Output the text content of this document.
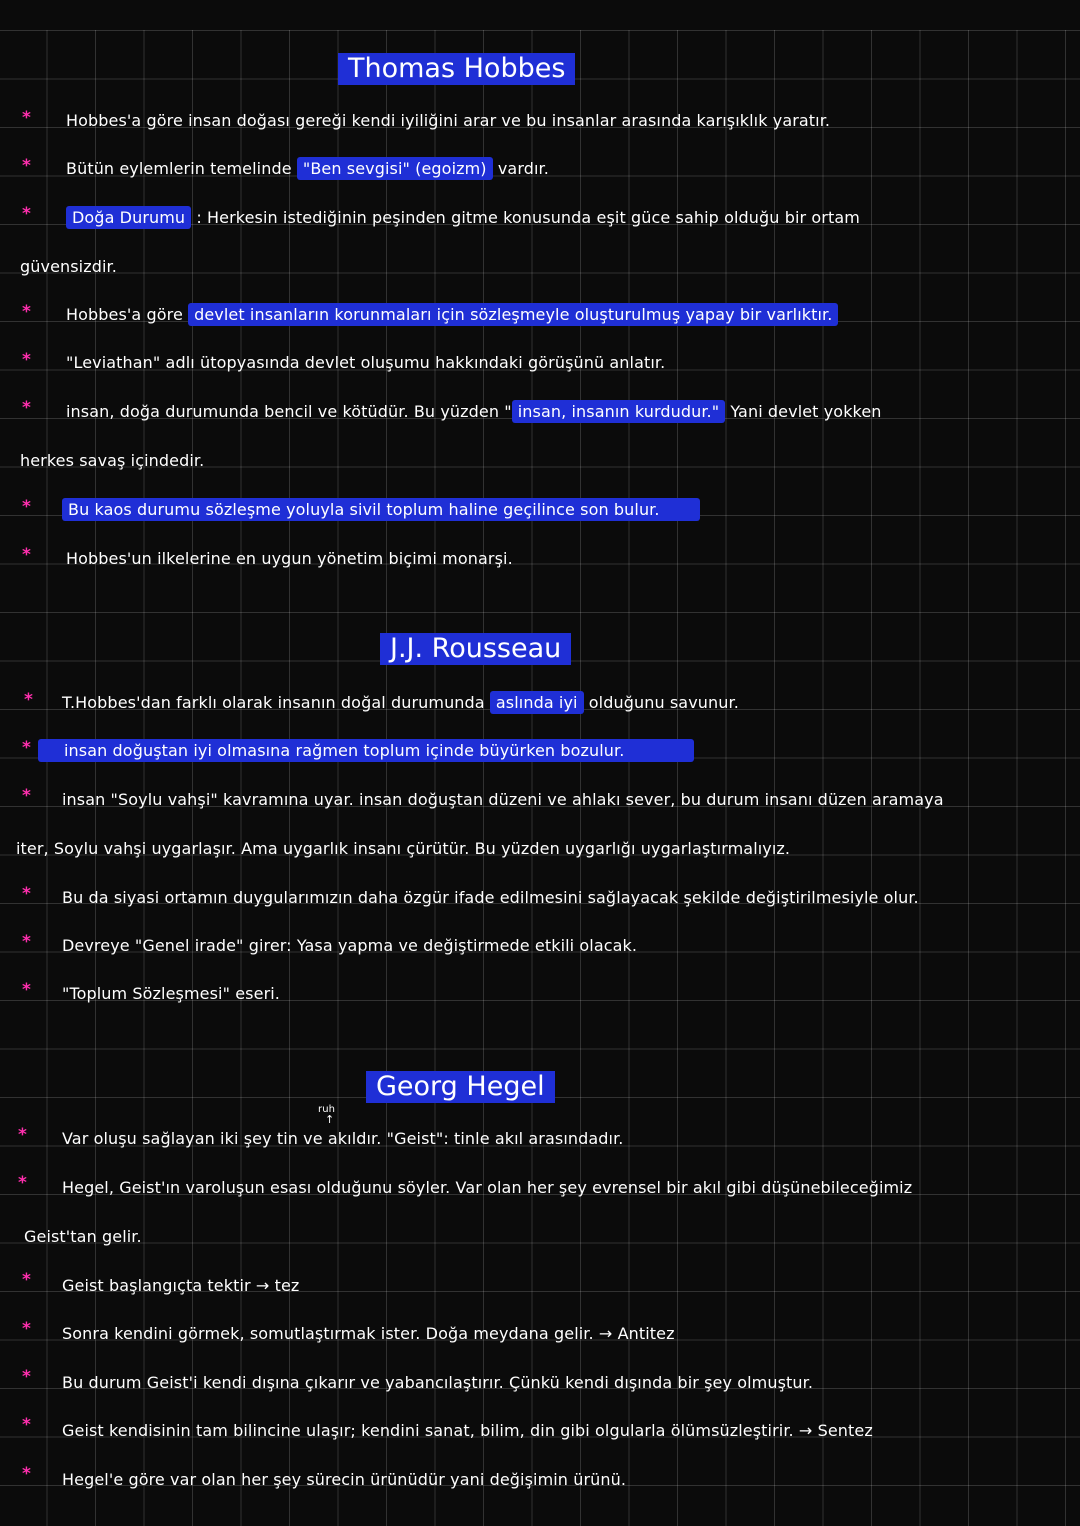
Thomas Hobbes
* Hobbes'a göre insan doğası gereği kendi iyiliğini arar ve bu insanlar arasında karışıklık yaratır.
* Bütün eylemlerin temelinde "Ben sevgisi" (egoizm) vardır.
*	Doğa Durumu : Herkesin istediğinin peşinden gitme konusunda eşit güce sahip olduğu bir ortam
güvensizdir.
* Hobbes'a göre devlet insanların korunmaları için sözleşmeyle oluşturulmuş yapay bir varlıktır.
* "Leviathan" adlı ütopyasında devlet oluşumu hakkındaki görüşünü anlatır.
* insan, doğa durumunda bencil ve kötüdür. Bu yüzden " insan, insanın kurdudur." Yani devlet yokken
herkes savaş içindedir.
*	Bu kaos durumu sözleşme yoluyla sivil toplum haline geçilince son bulur.
* Hobbes'un ilkelerine en uygun yönetim biçimi monarşi.
J.J. Rousseau
* T.Hobbes'dan farklı olarak insanın doğal durumunda aslında iyi olduğunu savunur.
*	insan doğuştan iyi olmasına rağmen toplum içinde büyürken bozulur.
* insan "Soylu vahşi" kavramına uyar. insan doğuştan düzeni ve ahlakı sever, bu durum insanı düzen aramaya
iter, Soylu vahşi uygarlaşır. Ama uygarlık insanı çürütür. Bu yüzden uygarlığı uygarlaştırmalıyız.
* Bu da siyasi ortamın duygularımızın daha özgür ifade edilmesini sağlayacak şekilde değiştirilmesiyle olur.
* Devreye "Genel irade" girer: Yasa yapma ve değiştirmede etkili olacak.
* "Toplum Sözleşmesi" eseri.
Georg Hegel
ruh
↑
* Var oluşu sağlayan iki şey tin ve akıldır. "Geist": tinle akıl arasındadır.
* Hegel, Geist'ın varoluşun esası olduğunu söyler. Var olan her şey evrensel bir akıl gibi düşünebileceğimiz
Geist'tan gelir.
* Geist başlangıçta tektir → tez
* Sonra kendini görmek, somutlaştırmak ister. Doğa meydana gelir. → Antitez
* Bu durum Geist'i kendi dışına çıkarır ve yabancılaştırır. Çünkü kendi dışında bir şey olmuştur.
* Geist kendisinin tam bilincine ulaşır; kendini sanat, bilim, din gibi olgularla ölümsüzleştirir. → Sentez
* Hegel'e göre var olan her şey sürecin ürünüdür yani değişimin ürünü.
